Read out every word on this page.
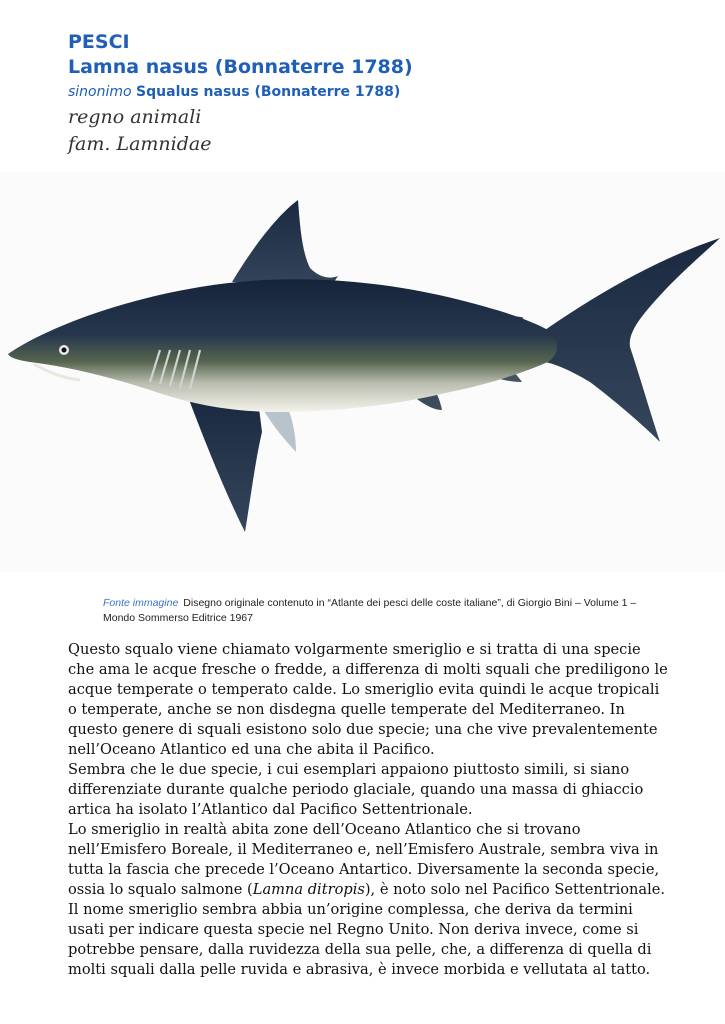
PESCI
Lamna nasus (Bonnaterre 1788)
sinonimo Squalus nasus (Bonnaterre 1788)
regno animali
fam. Lamnidae
Fonte immagine Disegno originale contenuto in “Atlante dei pesci delle coste italiane”, di Giorgio Bini – Volume 1 – Mondo Sommerso Editrice 1967

Questo squalo viene chiamato volgarmente smeriglio e si tratta di una specie che ama le acque fresche o fredde, a differenza di molti squali che prediligono le acque temperate o temperato calde. Lo smeriglio evita quindi le acque tropicali o temperate, anche se non disdegna quelle temperate del Mediterraneo. In questo genere di squali esistono solo due specie; una che vive prevalentemente nell’Oceano Atlantico ed una che abita il Pacifico.

Sembra che le due specie, i cui esemplari appaiono piuttosto simili, si siano differenziate durante qualche periodo glaciale, quando una massa di ghiaccio artica ha isolato l’Atlantico dal Pacifico Settentrionale.

Lo smeriglio in realtà abita zone dell’Oceano Atlantico che si trovano nell’Emisfero Boreale, il Mediterraneo e, nell’Emisfero Australe, sembra viva in tutta la fascia che precede l’Oceano Antartico. Diversamente la seconda specie, ossia lo squalo salmone (Lamna ditropis), è noto solo nel Pacifico Settentrionale. Il nome smeriglio sembra abbia un’origine complessa, che deriva da termini usati per indicare questa specie nel Regno Unito. Non deriva invece, come si potrebbe pensare, dalla ruvidezza della sua pelle, che, a differenza di quella di molti squali dalla pelle ruvida e abrasiva, è invece morbida e vellutata al tatto.
